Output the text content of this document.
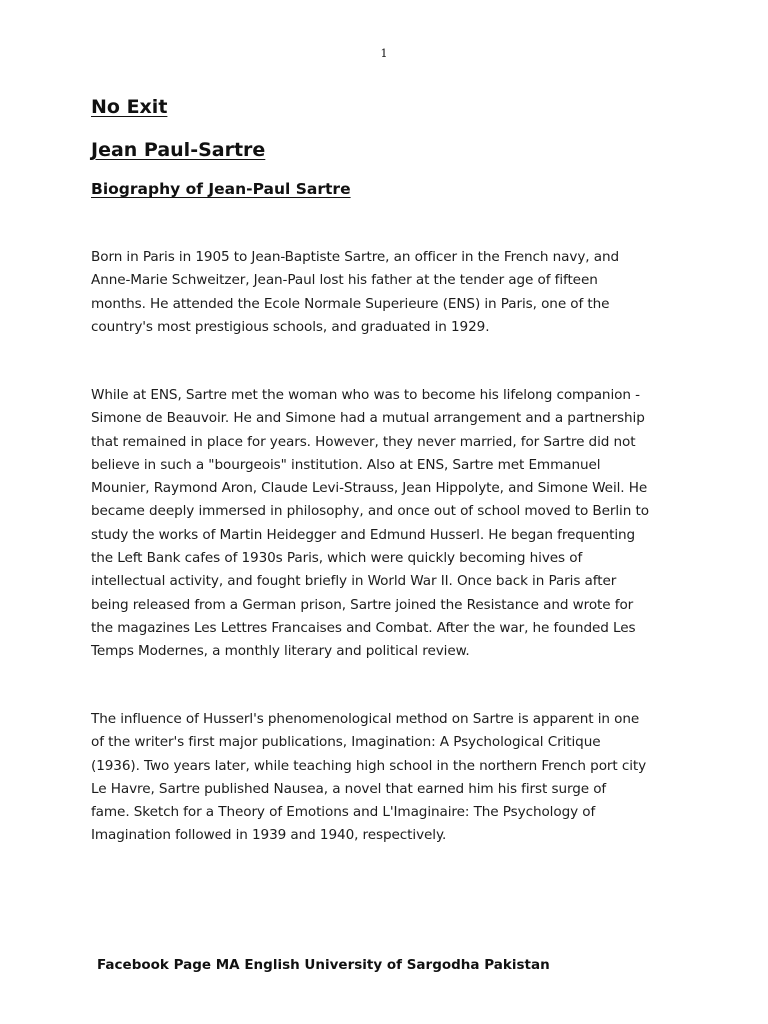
1
No Exit
Jean Paul-Sartre
Biography of Jean-Paul Sartre
Born in Paris in 1905 to Jean-Baptiste Sartre, an officer in the French navy, and
Anne-Marie Schweitzer, Jean-Paul lost his father at the tender age of fifteen
months. He attended the Ecole Normale Superieure (ENS) in Paris, one of the
country's most prestigious schools, and graduated in 1929.
While at ENS, Sartre met the woman who was to become his lifelong companion -
Simone de Beauvoir. He and Simone had a mutual arrangement and a partnership
that remained in place for years. However, they never married, for Sartre did not
believe in such a "bourgeois" institution. Also at ENS, Sartre met Emmanuel
Mounier, Raymond Aron, Claude Levi-Strauss, Jean Hippolyte, and Simone Weil. He
became deeply immersed in philosophy, and once out of school moved to Berlin to
study the works of Martin Heidegger and Edmund Husserl. He began frequenting
the Left Bank cafes of 1930s Paris, which were quickly becoming hives of
intellectual activity, and fought briefly in World War II. Once back in Paris after
being released from a German prison, Sartre joined the Resistance and wrote for
the magazines Les Lettres Francaises and Combat. After the war, he founded Les
Temps Modernes, a monthly literary and political review.
The influence of Husserl's phenomenological method on Sartre is apparent in one
of the writer's first major publications, Imagination: A Psychological Critique
(1936). Two years later, while teaching high school in the northern French port city
Le Havre, Sartre published Nausea, a novel that earned him his first surge of
fame. Sketch for a Theory of Emotions and L'Imaginaire: The Psychology of
Imagination followed in 1939 and 1940, respectively.
Facebook Page MA English University of Sargodha Pakistan
